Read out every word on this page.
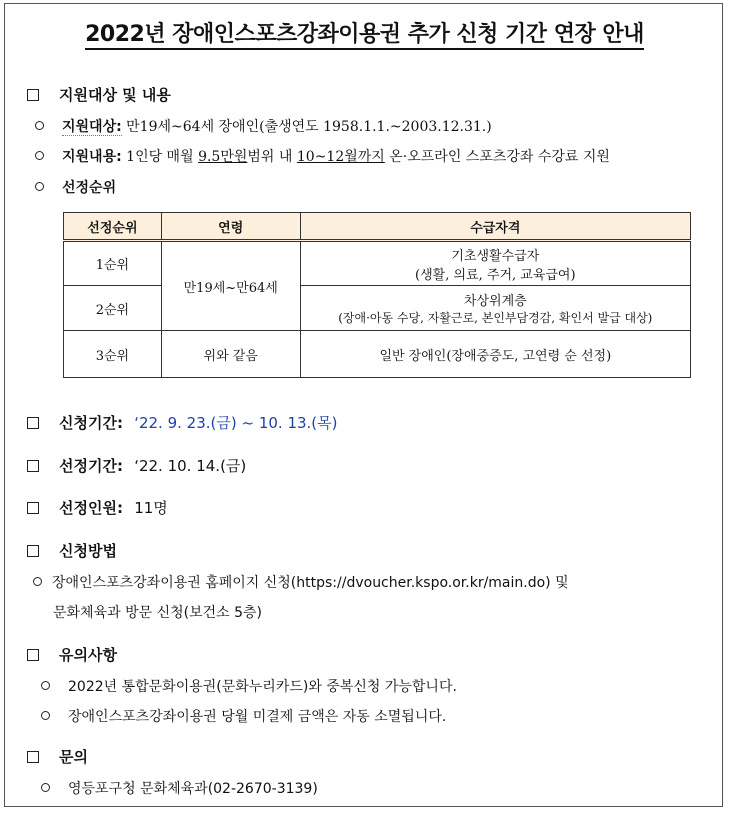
2022년 장애인스포츠강좌이용권 추가 신청 기간 연장 안내
지원대상 및 내용
지원대상: 만19세~64세 장애인(출생연도 1958.1.1.~2003.12.31.)
지원내용: 1인당 매월 9.5만원범위 내 10~12월까지 온·오프라인 스포츠강좌 수강료 지원
선정순위
선정순위	연령	수급자격
1순위	만19세~만64세	기초생활수급자
(생활, 의료, 주거, 교육급여)

2순위		차상위계층
(장애·아동 수당, 자활근로, 본인부담경감, 확인서 발급 대상)

3순위	위와 같음	일반 장애인(장애중증도, 고연령 순 선정)
신청기간: ‘22. 9. 23.(금) ~ 10. 13.(목)
선정기간: ‘22. 10. 14.(금)
선정인원: 11명
신청방법
장애인스포츠강좌이용권 홈페이지 신청(https://dvoucher.kspo.or.kr/main.do) 및
문화체육과 방문 신청(보건소 5층)
유의사항
2022년 통합문화이용권(문화누리카드)와 중복신청 가능합니다.
장애인스포츠강좌이용권 당월 미결제 금액은 자동 소멸됩니다.
문의
영등포구청 문화체육과(02-2670-3139)
